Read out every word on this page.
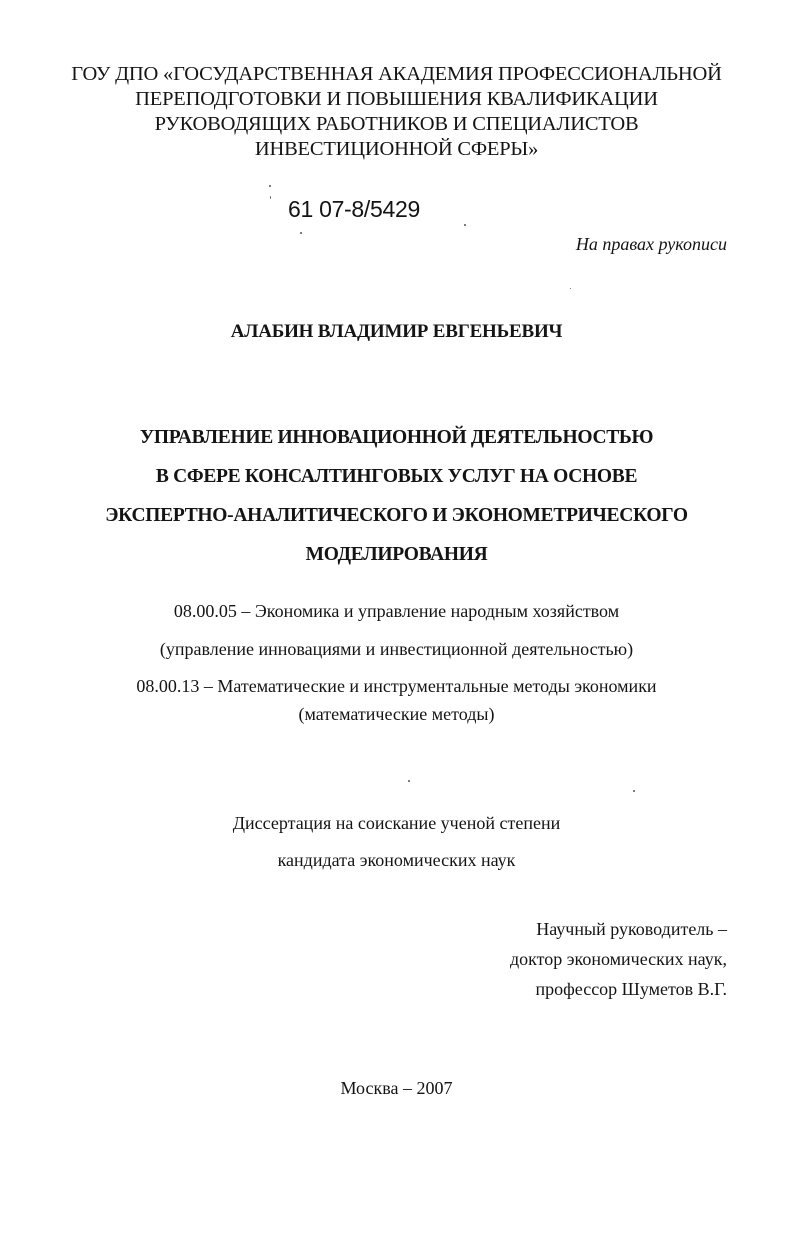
ГОУ ДПО «ГОСУДАРСТВЕННАЯ АКАДЕМИЯ ПРОФЕССИОНАЛЬНОЙ
ПЕРЕПОДГОТОВКИ И ПОВЫШЕНИЯ КВАЛИФИКАЦИИ
РУКОВОДЯЩИХ РАБОТНИКОВ И СПЕЦИАЛИСТОВ
ИНВЕСТИЦИОННОЙ СФЕРЫ»
61 07-8/5429
На правах рукописи
АЛАБИН ВЛАДИМИР ЕВГЕНЬЕВИЧ
УПРАВЛЕНИЕ ИННОВАЦИОННОЙ ДЕЯТЕЛЬНОСТЬЮ
В СФЕРЕ КОНСАЛТИНГОВЫХ УСЛУГ НА ОСНОВЕ
ЭКСПЕРТНО-АНАЛИТИЧЕСКОГО И ЭКОНОМЕТРИЧЕСКОГО
МОДЕЛИРОВАНИЯ
08.00.05 – Экономика и управление народным хозяйством
(управление инновациями и инвестиционной деятельностью)
08.00.13 – Математические и инструментальные методы экономики
(математические методы)
Диссертация на соискание ученой степени
кандидата экономических наук
Научный руководитель –
доктор экономических наук,
профессор Шуметов В.Г.
Москва – 2007
